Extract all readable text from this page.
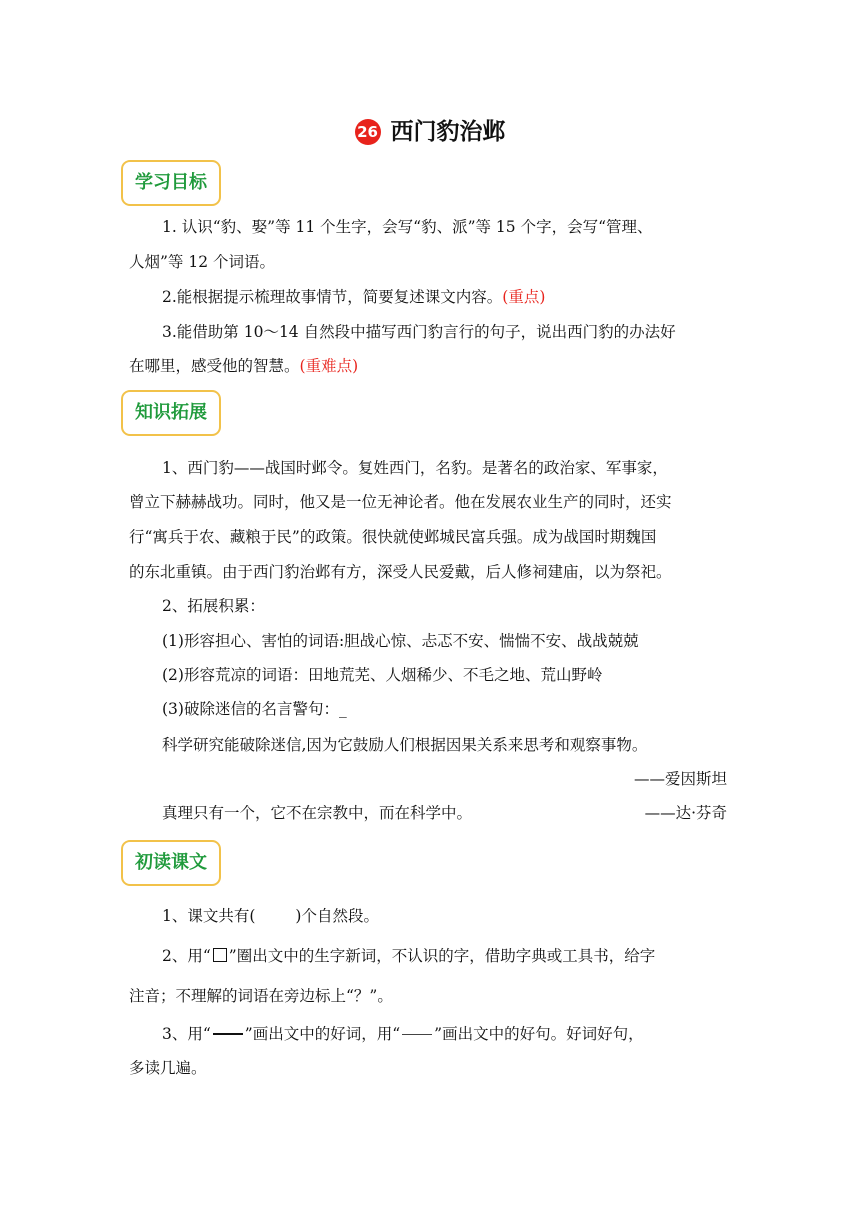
26 西门豹治邺
学习目标
1. 认识“豹、娶”等 11 个生字，会写“豹、派”等 15 个字，会写“管理、
人烟”等 12 个词语。
2.能根据提示梳理故事情节，简要复述课文内容。(重点)
3.能借助第 10～14 自然段中描写西门豹言行的句子，说出西门豹的办法好
在哪里，感受他的智慧。(重难点)
知识拓展
1、西门豹——战国时邺令。复姓西门，名豹。是著名的政治家、军事家，
曾立下赫赫战功。同时，他又是一位无神论者。他在发展农业生产的同时，还实
行“寓兵于农、藏粮于民”的政策。很快就使邺城民富兵强。成为战国时期魏国
的东北重镇。由于西门豹治邺有方，深受人民爱戴，后人修祠建庙，以为祭祀。
2、拓展积累：
(1)形容担心、害怕的词语:胆战心惊、忐忑不安、惴惴不安、战战兢兢
(2)形容荒凉的词语：田地荒芜、人烟稀少、不毛之地、荒山野岭
(3)破除迷信的名言警句：_
科学研究能破除迷信,因为它鼓励人们根据因果关系来思考和观察事物。
——爱因斯坦
真理只有一个，它不在宗教中，而在科学中。	——达·芬奇
初读课文
1、课文共有(	)个自然段。
2、用“ ”圈出文中的生字新词，不认识的字，借助字典或工具书，给字
注音；不理解的词语在旁边标上“？”。
3、用“ ”画出文中的好词，用“ ”画出文中的好句。好词好句，
多读几遍。
